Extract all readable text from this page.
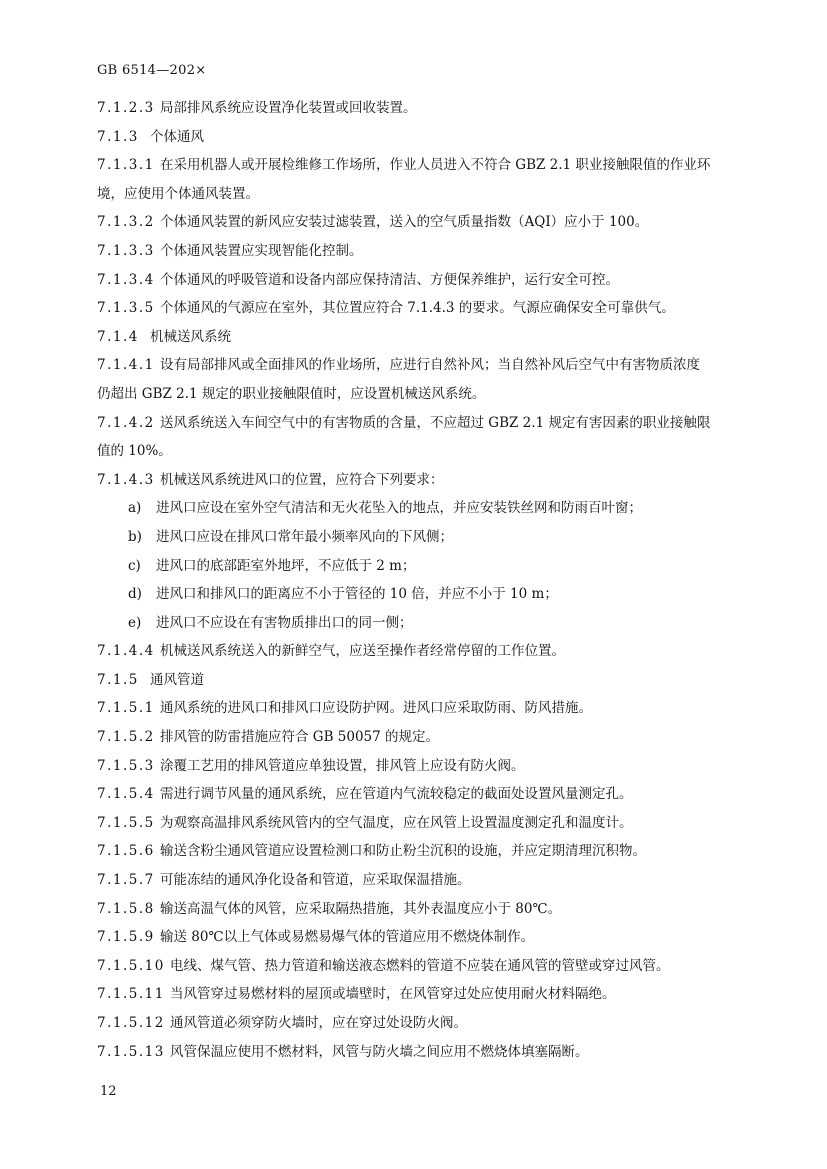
GB 6514—202×
7.1.2.3 局部排风系统应设置净化装置或回收装置。
7.1.3 个体通风
7.1.3.1 在采用机器人或开展检维修工作场所，作业人员进入不符合 GBZ 2.1 职业接触限值的作业环
境，应使用个体通风装置。
7.1.3.2 个体通风装置的新风应安装过滤装置，送入的空气质量指数（AQI）应小于 100。
7.1.3.3 个体通风装置应实现智能化控制。
7.1.3.4 个体通风的呼吸管道和设备内部应保持清洁、方便保养维护，运行安全可控。
7.1.3.5 个体通风的气源应在室外，其位置应符合 7.1.4.3 的要求。气源应确保安全可靠供气。
7.1.4 机械送风系统
7.1.4.1 设有局部排风或全面排风的作业场所，应进行自然补风；当自然补风后空气中有害物质浓度
仍超出 GBZ 2.1 规定的职业接触限值时，应设置机械送风系统。
7.1.4.2 送风系统送入车间空气中的有害物质的含量，不应超过 GBZ 2.1 规定有害因素的职业接触限
值的 10%。
7.1.4.3 机械送风系统进风口的位置，应符合下列要求：
a) 进风口应设在室外空气清洁和无火花坠入的地点，并应安装铁丝网和防雨百叶窗；
b) 进风口应设在排风口常年最小频率风向的下风侧；
c) 进风口的底部距室外地坪，不应低于 2 m；
d) 进风口和排风口的距离应不小于管径的 10 倍，并应不小于 10 m；
e) 进风口不应设在有害物质排出口的同一侧；
7.1.4.4 机械送风系统送入的新鲜空气，应送至操作者经常停留的工作位置。
7.1.5 通风管道
7.1.5.1 通风系统的进风口和排风口应设防护网。进风口应采取防雨、防风措施。
7.1.5.2 排风管的防雷措施应符合 GB 50057 的规定。
7.1.5.3 涂覆工艺用的排风管道应单独设置，排风管上应设有防火阀。
7.1.5.4 需进行调节风量的通风系统，应在管道内气流较稳定的截面处设置风量测定孔。
7.1.5.5 为观察高温排风系统风管内的空气温度，应在风管上设置温度测定孔和温度计。
7.1.5.6 输送含粉尘通风管道应设置检测口和防止粉尘沉积的设施，并应定期清理沉积物。
7.1.5.7 可能冻结的通风净化设备和管道，应采取保温措施。
7.1.5.8 输送高温气体的风管，应采取隔热措施，其外表温度应小于 80℃。
7.1.5.9 输送 80℃以上气体或易燃易爆气体的管道应用不燃烧体制作。
7.1.5.10 电线、煤气管、热力管道和输送液态燃料的管道不应装在通风管的管壁或穿过风管。
7.1.5.11 当风管穿过易燃材料的屋顶或墙壁时，在风管穿过处应使用耐火材料隔绝。
7.1.5.12 通风管道必须穿防火墙时，应在穿过处设防火阀。
7.1.5.13 风管保温应使用不燃材料，风管与防火墙之间应用不燃烧体填塞隔断。
12
